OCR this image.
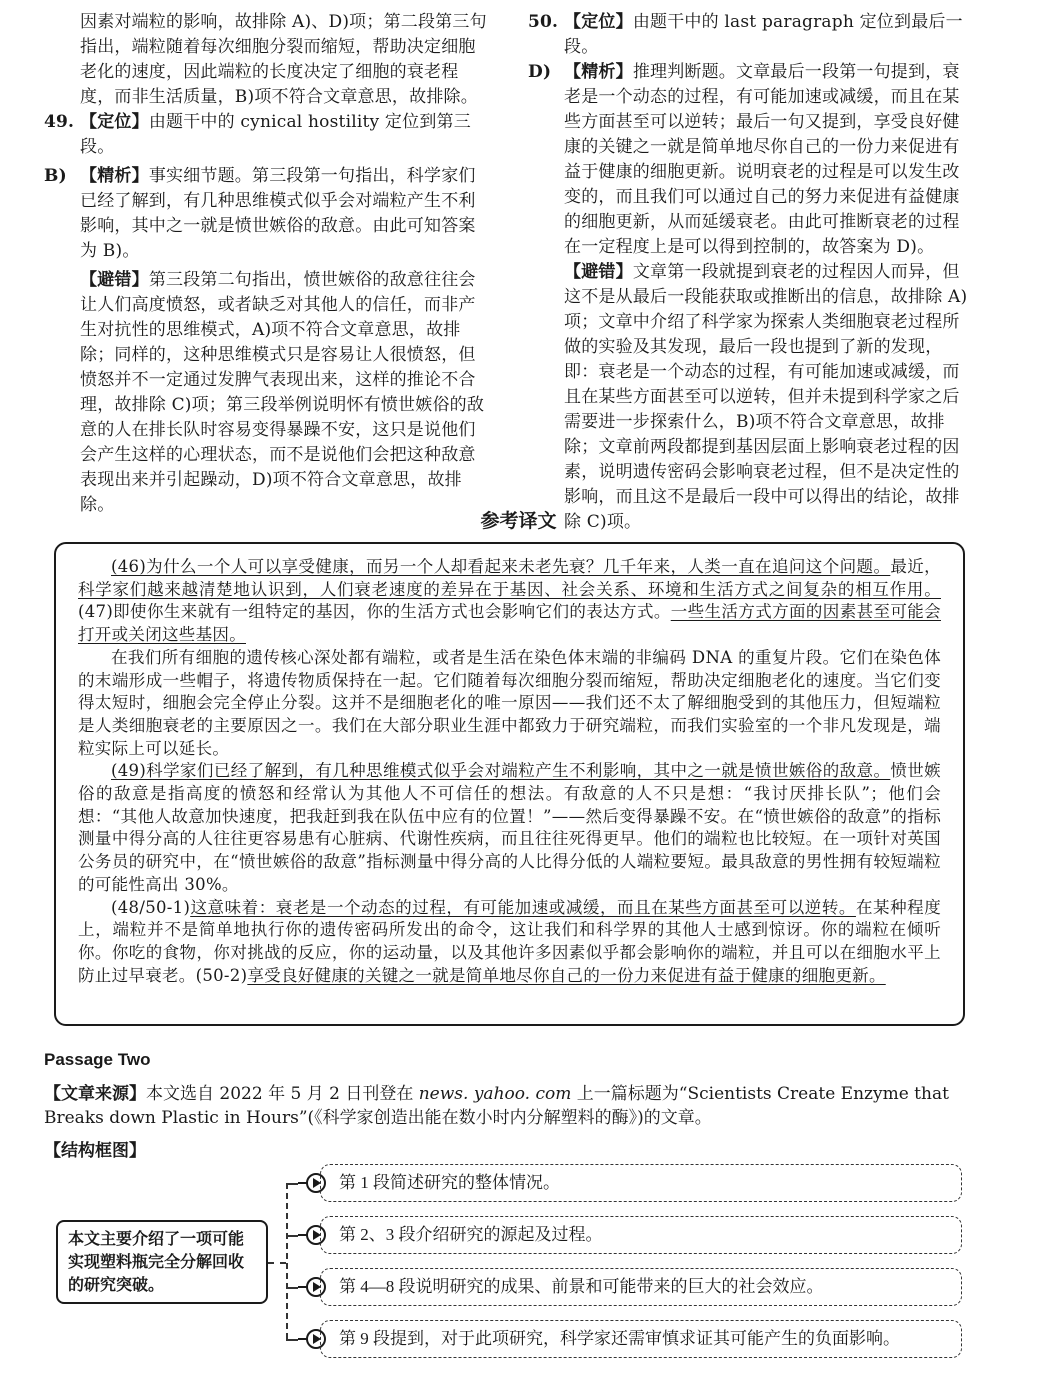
因素对端粒的影响，故排除 A)、D)项；第二段第三句指出，端粒随着每次细胞分裂而缩短，帮助决定细胞老化的速度，因此端粒的长度决定了细胞的衰老程度，而非生活质量，B)项不符合文章意思，故排除。

49. 【定位】由题干中的 cynical hostility 定位到第三段。
B) 【精析】事实细节题。第三段第一句指出，科学家们已经了解到，有几种思维模式似乎会对端粒产生不利影响，其中之一就是愤世嫉俗的敌意。由此可知答案为 B)。
【避错】第三段第二句指出，愤世嫉俗的敌意往往会让人们高度愤怒，或者缺乏对其他人的信任，而非产生对抗性的思维模式，A)项不符合文章意思，故排除；同样的，这种思维模式只是容易让人很愤怒，但愤怒并不一定通过发脾气表现出来，这样的推论不合理，故排除 C)项；第三段举例说明怀有愤世嫉俗的敌意的人在排长队时容易变得暴躁不安，这只是说他们会产生这样的心理状态，而不是说他们会把这种敌意表现出来并引起躁动，D)项不符合文章意思，故排除。
50. 【定位】由题干中的 last paragraph 定位到最后一段。
D) 【精析】推理判断题。文章最后一段第一句提到，衰老是一个动态的过程，有可能加速或减缓，而且在某些方面甚至可以逆转；最后一句又提到，享受良好健康的关键之一就是简单地尽你自己的一份力来促进有益于健康的细胞更新。说明衰老的过程是可以发生改变的，而且我们可以通过自己的努力来促进有益健康的细胞更新，从而延缓衰老。由此可推断衰老的过程在一定程度上是可以得到控制的，故答案为 D)。
【避错】文章第一段就提到衰老的过程因人而异，但这不是从最后一段能获取或推断出的信息，故排除 A)项；文章中介绍了科学家为探索人类细胞衰老过程所做的实验及其发现，最后一段也提到了新的发现，即：衰老是一个动态的过程，有可能加速或减缓，而且在某些方面甚至可以逆转，但并未提到科学家之后需要进一步探索什么，B)项不符合文章意思，故排除；文章前两段都提到基因层面上影响衰老过程的因素，说明遗传密码会影响衰老过程，但不是决定性的影响，而且这不是最后一段中可以得出的结论，故排除 C)项。
参考译文

(46)为什么一个人可以享受健康，而另一个人却看起来未老先衰？几千年来，人类一直在追问这个问题。最近，科学家们越来越清楚地认识到，人们衰老速度的差异在于基因、社会关系、环境和生活方式之间复杂的相互作用。(47)即使你生来就有一组特定的基因，你的生活方式也会影响它们的表达方式。一些生活方式方面的因素甚至可能会打开或关闭这些基因。

在我们所有细胞的遗传核心深处都有端粒，或者是生活在染色体末端的非编码 DNA 的重复片段。它们在染色体的末端形成一些帽子，将遗传物质保持在一起。它们随着每次细胞分裂而缩短，帮助决定细胞老化的速度。当它们变得太短时，细胞会完全停止分裂。这并不是细胞老化的唯一原因——我们还不太了解细胞受到的其他压力，但短端粒是人类细胞衰老的主要原因之一。我们在大部分职业生涯中都致力于研究端粒，而我们实验室的一个非凡发现是，端粒实际上可以延长。

(49)科学家们已经了解到，有几种思维模式似乎会对端粒产生不利影响，其中之一就是愤世嫉俗的敌意。愤世嫉俗的敌意是指高度的愤怒和经常认为其他人不可信任的想法。有敌意的人不只是想：“我讨厌排长队”；他们会想：“其他人故意加快速度，把我赶到我在队伍中应有的位置！”——然后变得暴躁不安。在“愤世嫉俗的敌意”的指标测量中得分高的人往往更容易患有心脏病、代谢性疾病，而且往往死得更早。他们的端粒也比较短。在一项针对英国公务员的研究中，在“愤世嫉俗的敌意”指标测量中得分高的人比得分低的人端粒要短。最具敌意的男性拥有较短端粒的可能性高出 30%。

(48/50-1)这意味着：衰老是一个动态的过程，有可能加速或减缓，而且在某些方面甚至可以逆转。在某种程度上，端粒并不是简单地执行你的遗传密码所发出的命令，这让我们和科学界的其他人士感到惊讶。你的端粒在倾听你。你吃的食物，你对挑战的反应，你的运动量，以及其他许多因素似乎都会影响你的端粒，并且可以在细胞水平上防止过早衰老。(50-2)享受良好健康的关键之一就是简单地尽你自己的一份力来促进有益于健康的细胞更新。

Passage Two
【文章来源】本文选自 2022 年 5 月 2 日刊登在 news. yahoo. com 上一篇标题为“Scientists Create Enzyme that Breaks down Plastic in Hours”(《科学家创造出能在数小时内分解塑料的酶》)的文章。
【结构框图】
本文主要介绍了一项可能实现塑料瓶完全分解回收的研究突破。
第 1 段简述研究的整体情况。
第 2、3 段介绍研究的源起及过程。
第 4—8 段说明研究的成果、前景和可能带来的巨大的社会效应。
第 9 段提到，对于此项研究，科学家还需审慎求证其可能产生的负面影响。
